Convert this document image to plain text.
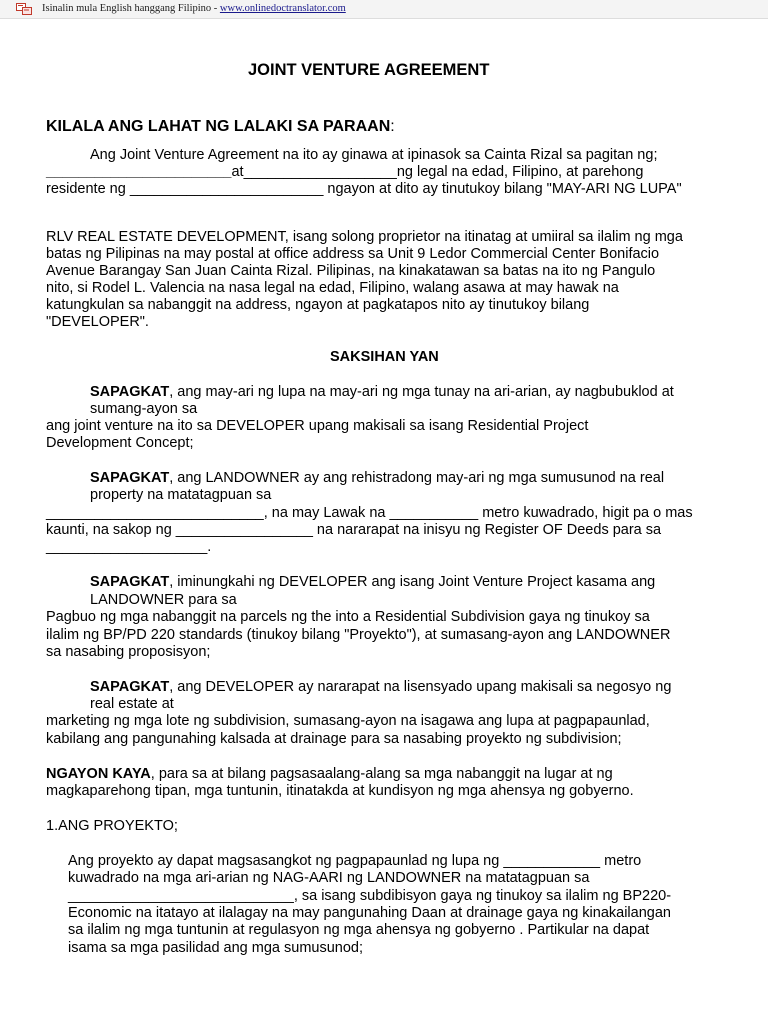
Isinalin mula English hanggang Filipino - www.onlinedoctranslator.com
JOINT VENTURE AGREEMENT
KILALA ANG LAHAT NG LALAKI SA PARAAN:
Ang Joint Venture Agreement na ito ay ginawa at ipinasok sa Cainta Rizal sa pagitan ng;
_______________________at___________________ng legal na edad, Filipino, at parehong
residente ng ________________________ ngayon at dito ay tinutukoy bilang "MAY-ARI NG LUPA"
RLV REAL ESTATE DEVELOPMENT, isang solong proprietor na itinatag at umiiral sa ilalim ng mga
batas ng Pilipinas na may postal at office address sa Unit 9 Ledor Commercial Center Bonifacio
Avenue Barangay San Juan Cainta Rizal. Pilipinas, na kinakatawan sa batas na ito ng Pangulo
nito, si Rodel L. Valencia na nasa legal na edad, Filipino, walang asawa at may hawak na
katungkulan sa nabanggit na address, ngayon at pagkatapos nito ay tinutukoy bilang
"DEVELOPER".
SAKSIHAN YAN
SAPAGKAT, ang may-ari ng lupa na may-ari ng mga tunay na ari-arian, ay nagbubuklod at
sumang-ayon sa
ang joint venture na ito sa DEVELOPER upang makisali sa isang Residential Project
Development Concept;
SAPAGKAT, ang LANDOWNER ay ang rehistradong may-ari ng mga sumusunod na real
property na matatagpuan sa
___________________________, na may Lawak na ___________ metro kuwadrado, higit pa o mas
kaunti, na sakop ng _________________ na nararapat na inisyu ng Register OF Deeds para sa
____________________.
SAPAGKAT, iminungkahi ng DEVELOPER ang isang Joint Venture Project kasama ang
LANDOWNER para sa
Pagbuo ng mga nabanggit na parcels ng the into a Residential Subdivision gaya ng tinukoy sa
ilalim ng BP/PD 220 standards (tinukoy bilang "Proyekto"), at sumasang-ayon ang LANDOWNER
sa nasabing proposisyon;
SAPAGKAT, ang DEVELOPER ay nararapat na lisensyado upang makisali sa negosyo ng
real estate at
marketing ng mga lote ng subdivision, sumasang-ayon na isagawa ang lupa at pagpapaunlad,
kabilang ang pangunahing kalsada at drainage para sa nasabing proyekto ng subdivision;
NGAYON KAYA, para sa at bilang pagsasaalang-alang sa mga nabanggit na lugar at ng
magkaparehong tipan, mga tuntunin, itinatakda at kundisyon ng mga ahensya ng gobyerno.
1.ANG PROYEKTO;
Ang proyekto ay dapat magsasangkot ng pagpapaunlad ng lupa ng ____________ metro
kuwadrado na mga ari-arian ng NAG-AARI ng LANDOWNER na matatagpuan sa
____________________________, sa isang subdibisyon gaya ng tinukoy sa ilalim ng BP220-
Economic na itatayo at ilalagay na may pangunahing Daan at drainage gaya ng kinakailangan
sa ilalim ng mga tuntunin at regulasyon ng mga ahensya ng gobyerno . Partikular na dapat
isama sa mga pasilidad ang mga sumusunod;
